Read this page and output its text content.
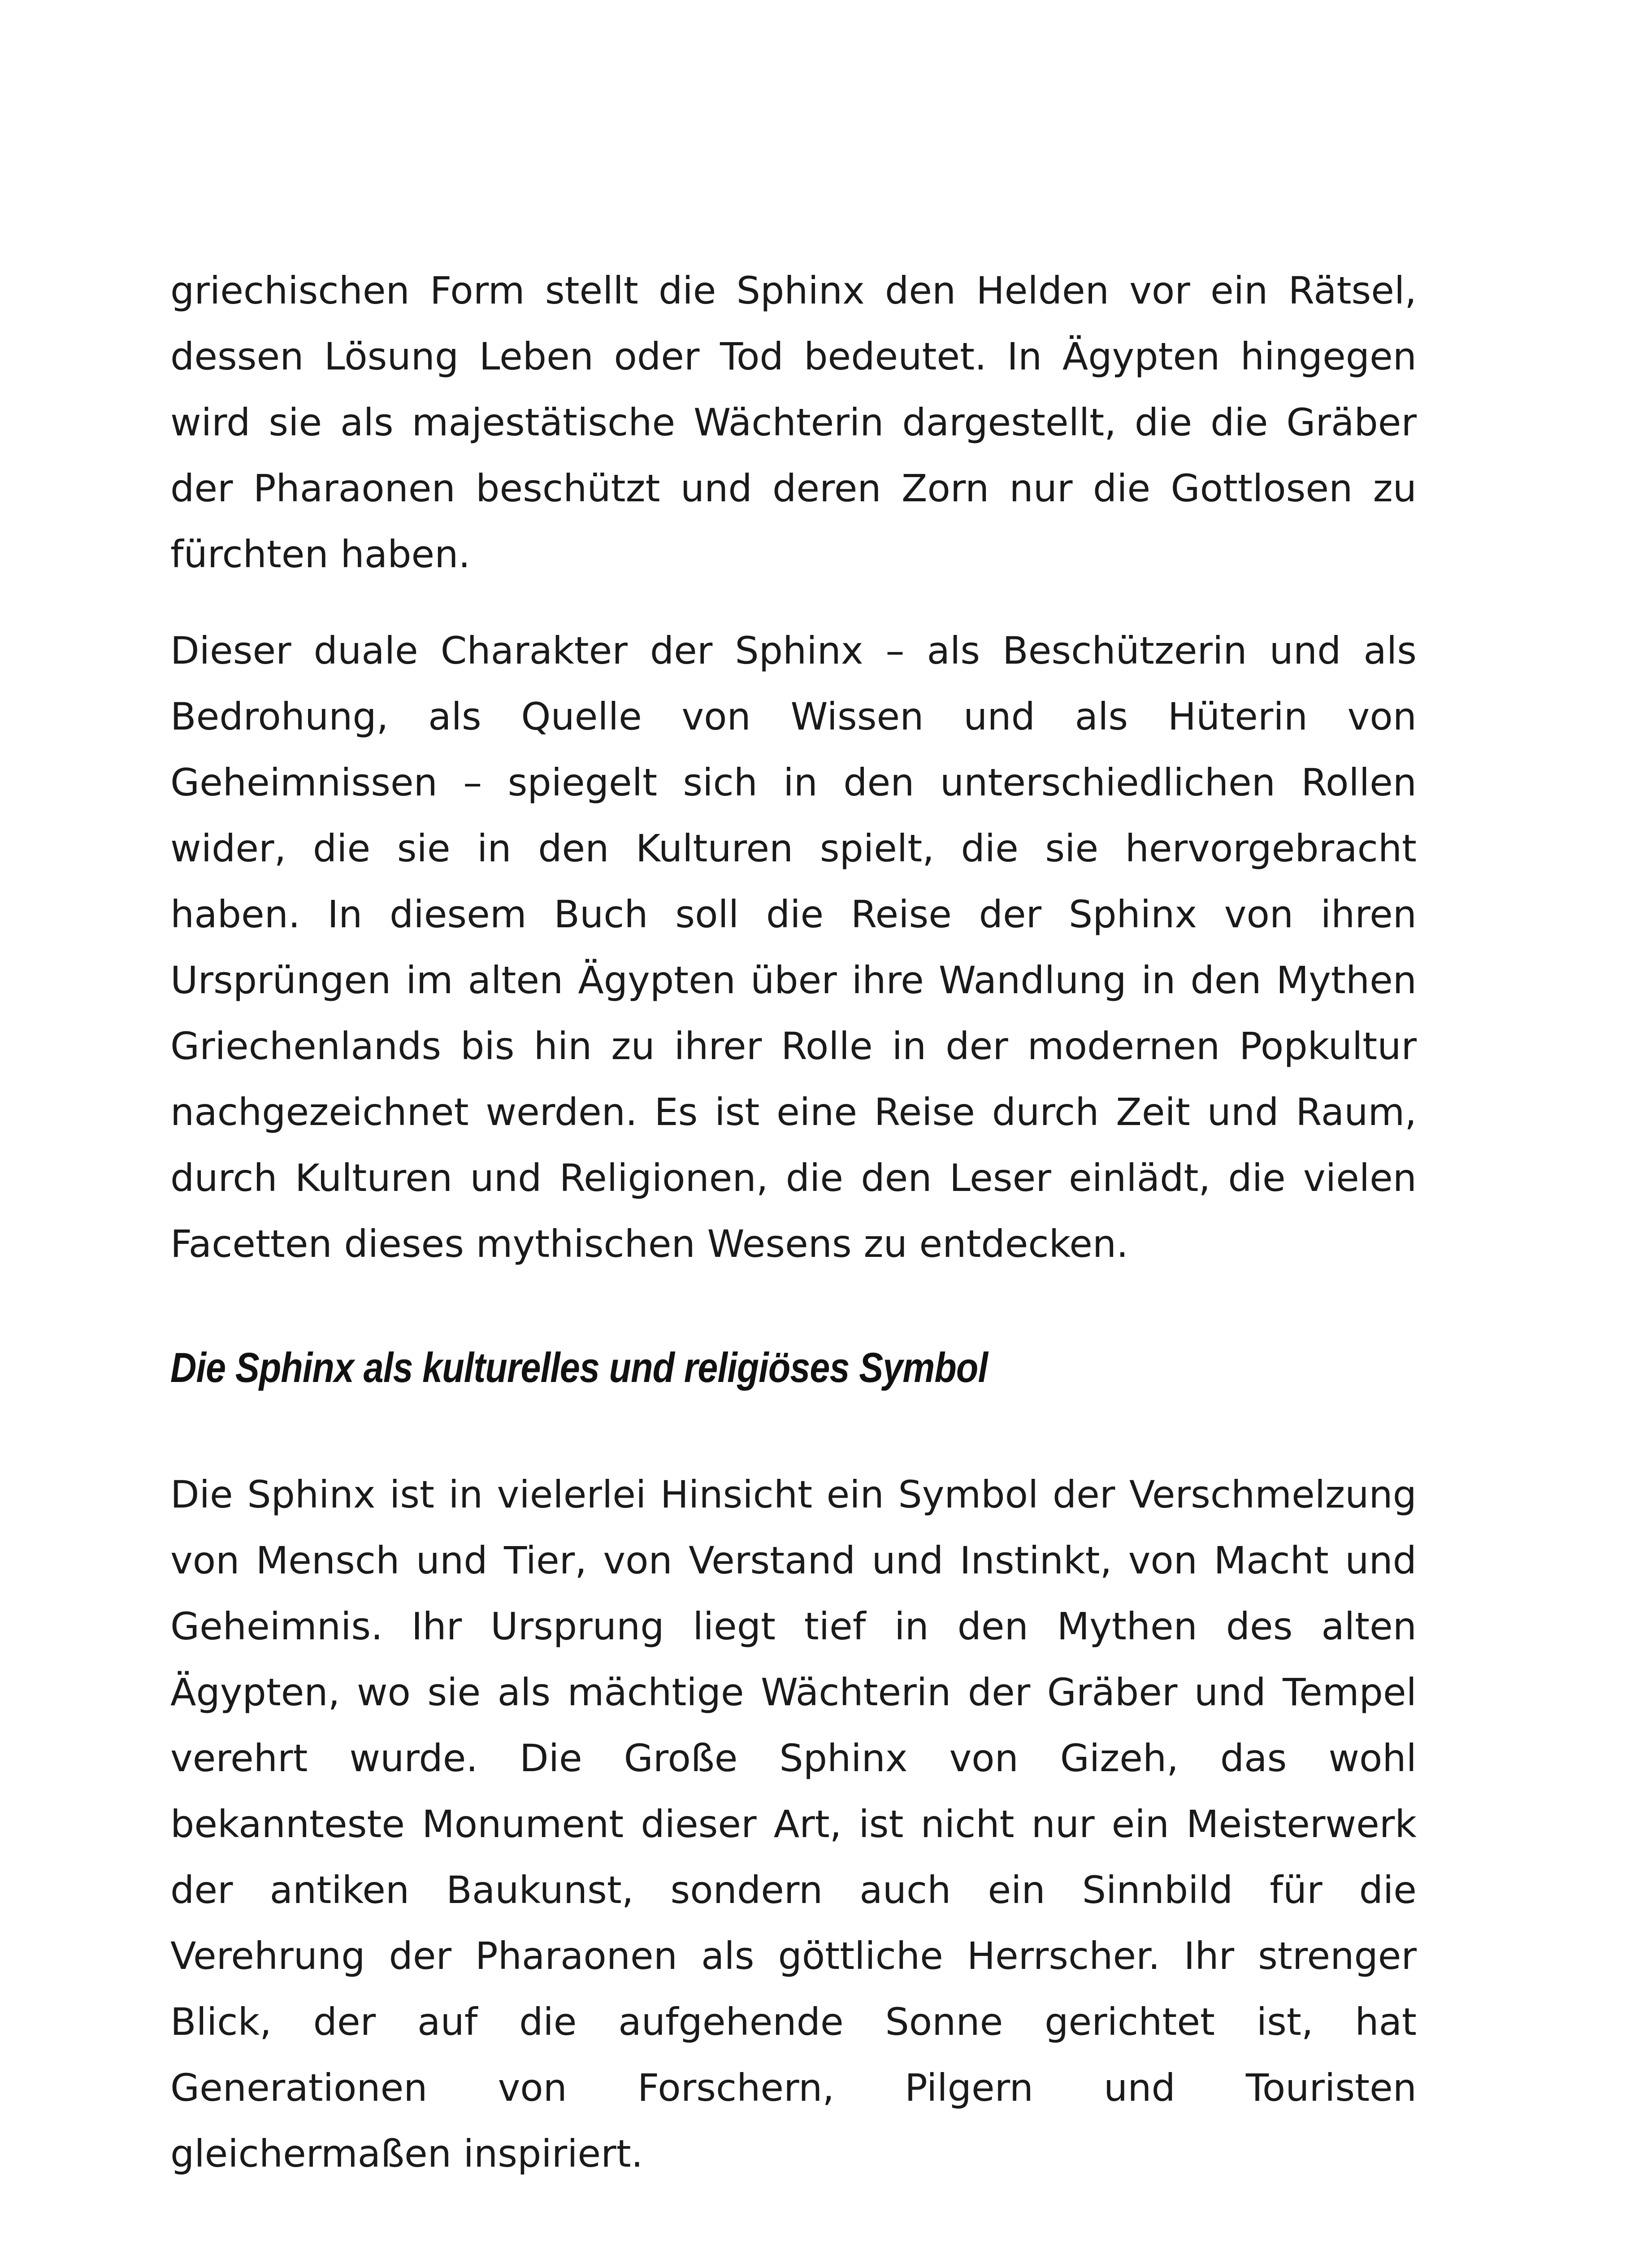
griechischen Form stellt die Sphinx den Helden vor ein Rätsel, dessen Lösung Leben oder Tod bedeutet. In Ägypten hingegen wird sie als majestätische Wächterin dargestellt, die die Gräber der Pharaonen beschützt und deren Zorn nur die Gottlosen zu fürchten haben.

Dieser duale Charakter der Sphinx – als Beschützerin und als Bedrohung, als Quelle von Wissen und als Hüterin von Geheimnissen – spiegelt sich in den unterschiedlichen Rollen wider, die sie in den Kulturen spielt, die sie hervorgebracht haben. In diesem Buch soll die Reise der Sphinx von ihren Ursprüngen im alten Ägypten über ihre Wandlung in den Mythen Griechenlands bis hin zu ihrer Rolle in der modernen Popkultur nachgezeichnet werden. Es ist eine Reise durch Zeit und Raum, durch Kulturen und Religionen, die den Leser einlädt, die vielen Facetten dieses mythischen Wesens zu entdecken.

Die Sphinx als kulturelles und religiöses Symbol

Die Sphinx ist in vielerlei Hinsicht ein Symbol der Verschmelzung von Mensch und Tier, von Verstand und Instinkt, von Macht und Geheimnis. Ihr Ursprung liegt tief in den Mythen des alten Ägypten, wo sie als mächtige Wächterin der Gräber und Tempel verehrt wurde. Die Große Sphinx von Gizeh, das wohl bekannteste Monument dieser Art, ist nicht nur ein Meisterwerk der antiken Baukunst, sondern auch ein Sinnbild für die Verehrung der Pharaonen als göttliche Herrscher. Ihr strenger Blick, der auf die aufgehende Sonne gerichtet ist, hat Generationen von Forschern, Pilgern und Touristen gleichermaßen inspiriert.
